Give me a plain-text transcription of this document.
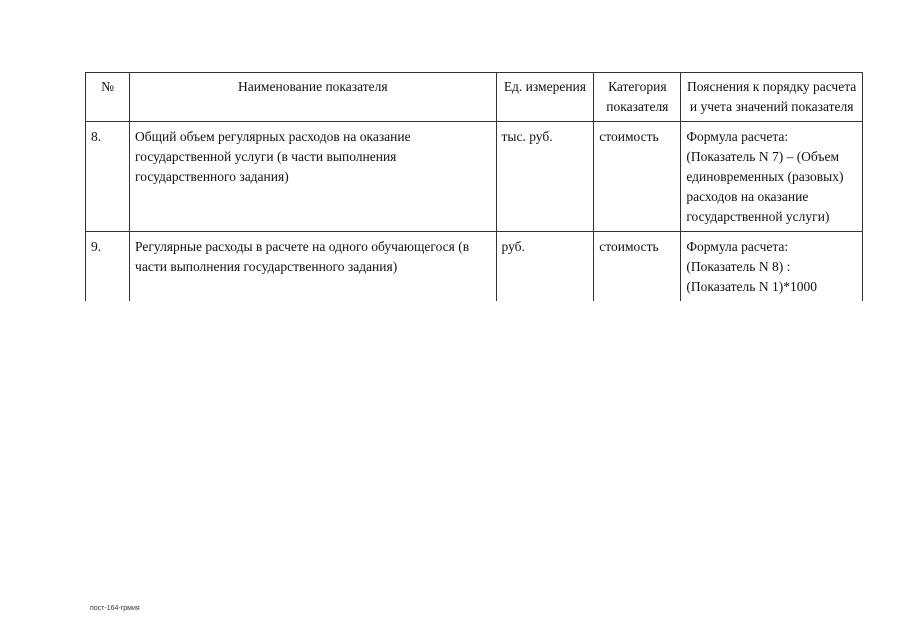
№	Наименование показателя	Ед. измерения	Категория показателя	Пояснения к порядку расчета и учета значений показателя
8.	Общий объем регулярных расходов на оказание государственной услуги (в части выполнения государственного задания)	тыс. руб.	стоимость	Формула расчета: (Показатель N 7) – (Объем единовременных (разовых) расходов на оказание государственной услуги)
9.	Регулярные расходы в расчете на одного обучающегося (в части выполнения государственного задания)	руб.	стоимость	Формула расчета: (Показатель N 8) : (Показатель N 1)*1000
пост-164-грмия
